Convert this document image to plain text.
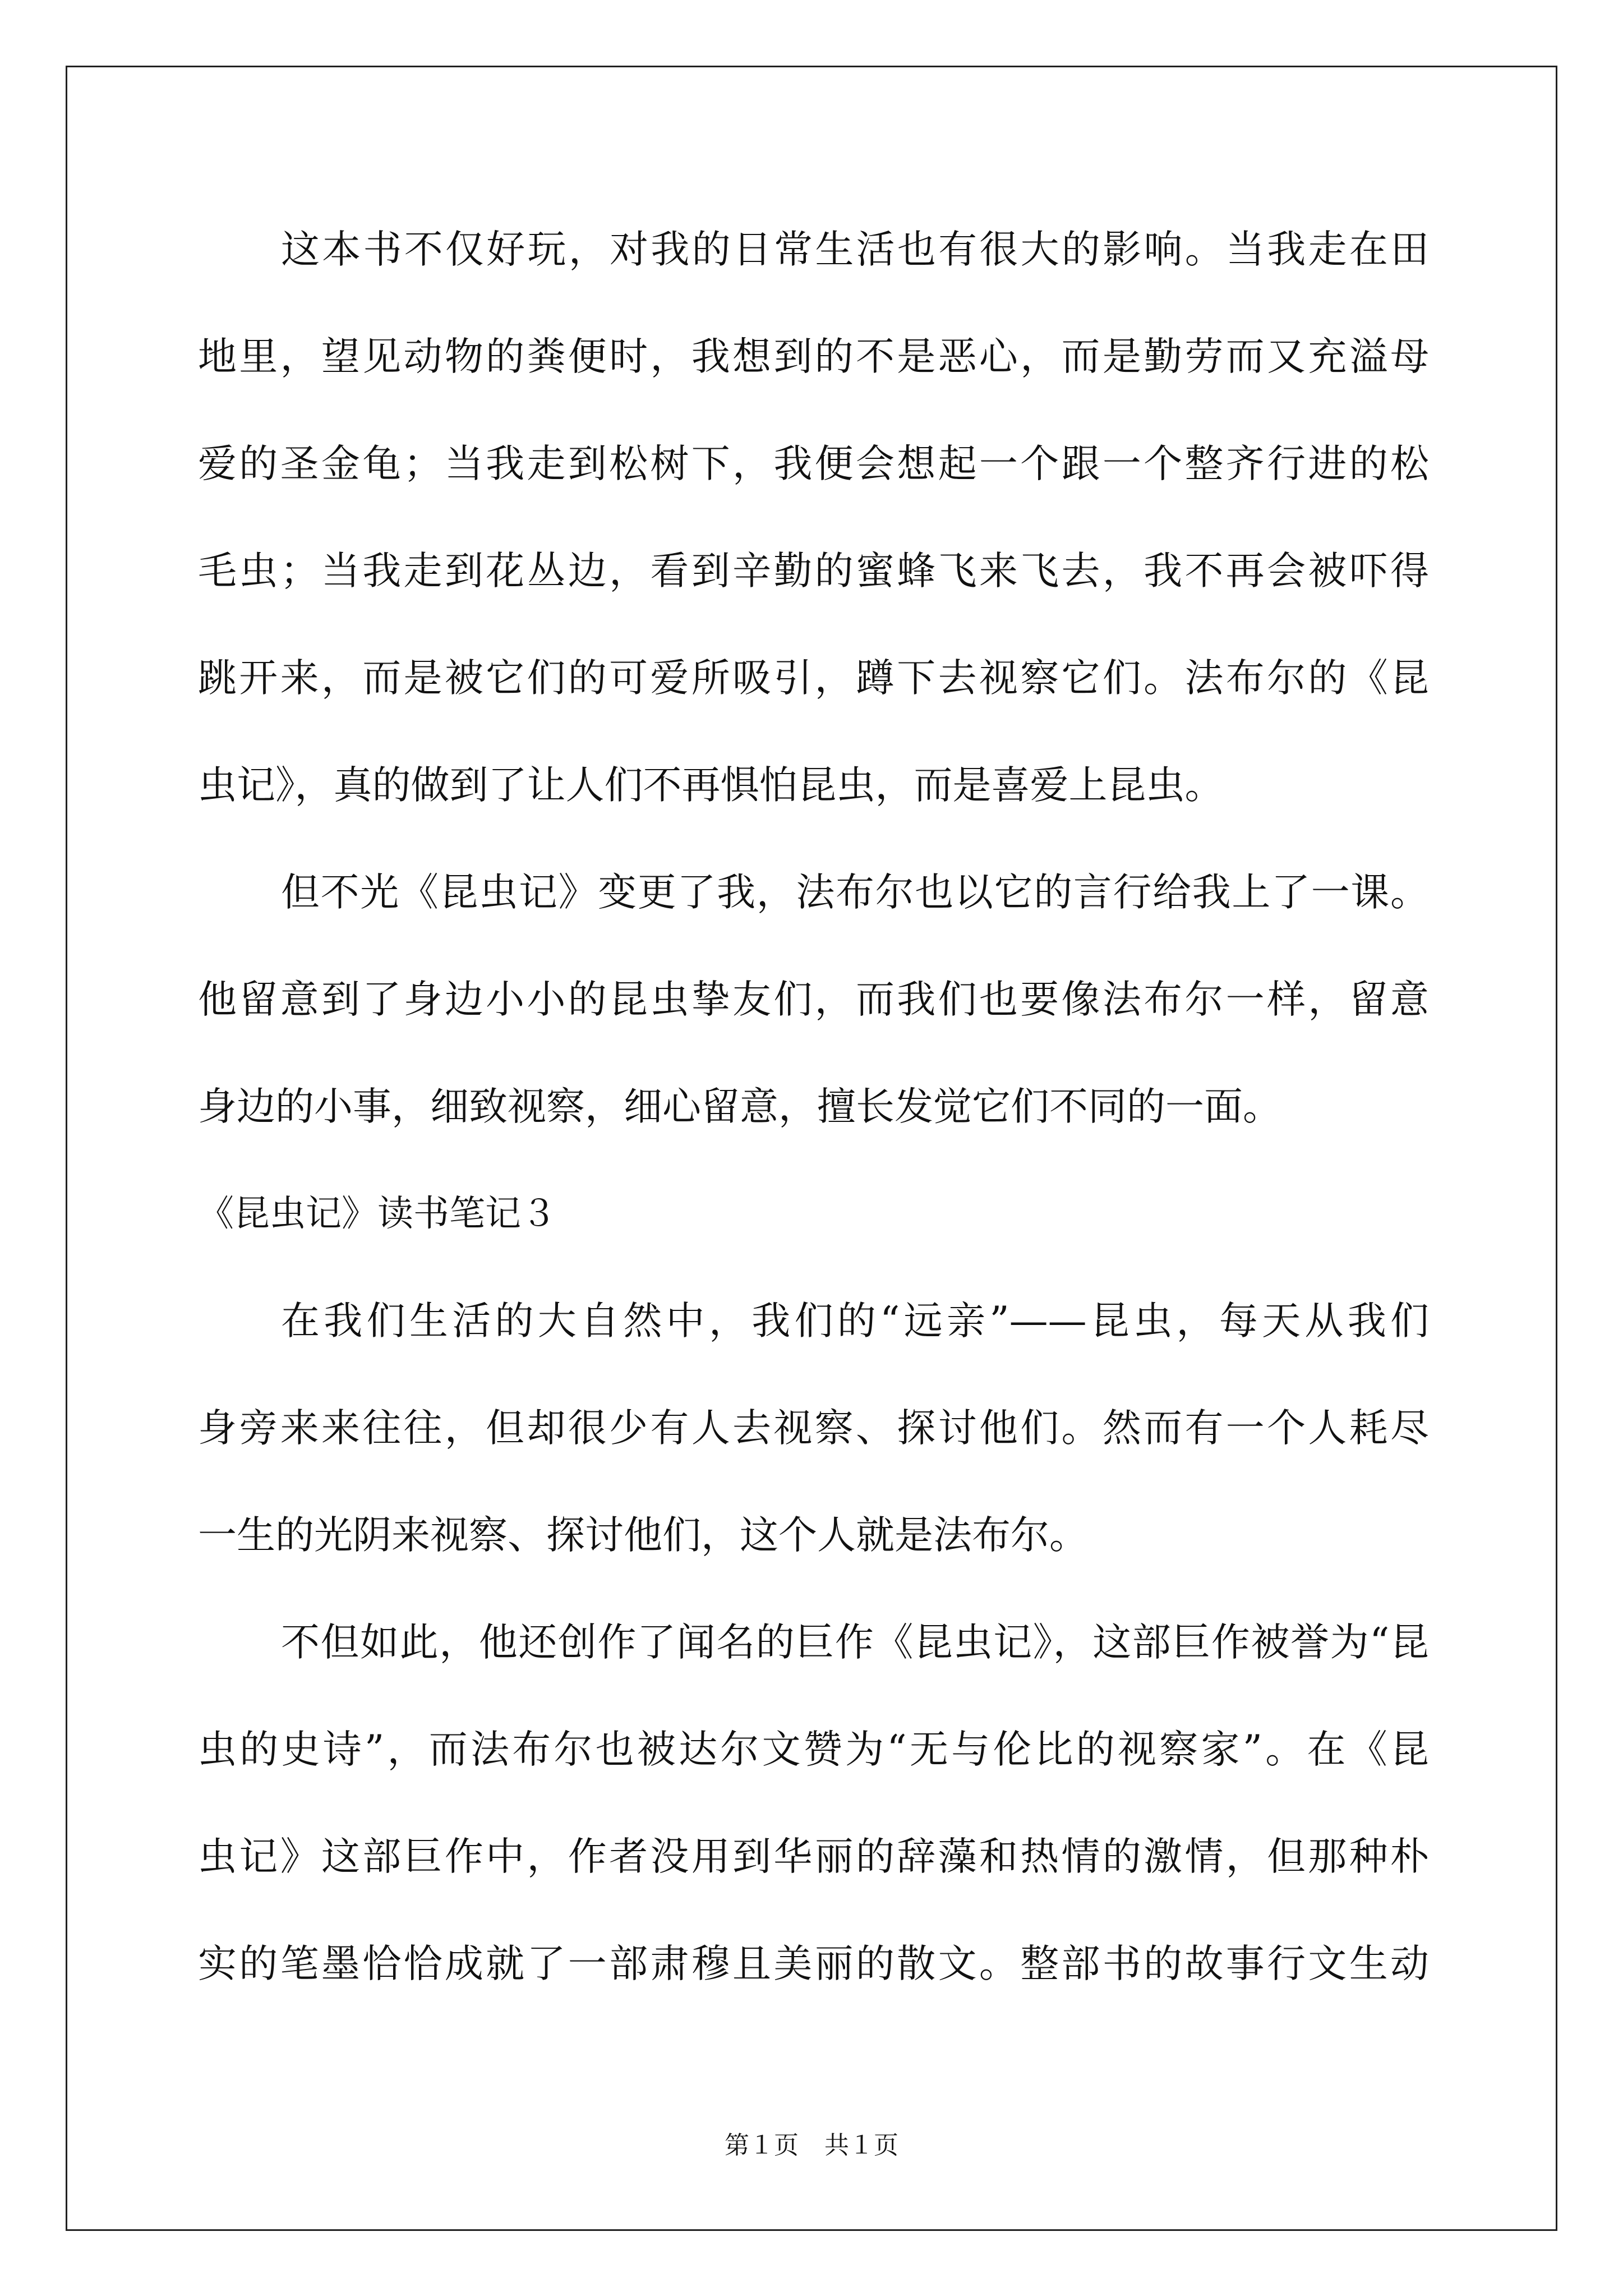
这本书不仅好玩，对我的日常生活也有很大的影响。当我走在田
地里，望见动物的粪便时，我想到的不是恶心，而是勤劳而又充溢母
爱的圣金龟；当我走到松树下，我便会想起一个跟一个整齐行进的松
毛虫；当我走到花丛边，看到辛勤的蜜蜂飞来飞去，我不再会被吓得
跳开来，而是被它们的可爱所吸引，蹲下去视察它们。法布尔的《昆
虫记》，真的做到了让人们不再惧怕昆虫，而是喜爱上昆虫。
但不光《昆虫记》变更了我，法布尔也以它的言行给我上了一课。
他留意到了身边小小的昆虫挚友们，而我们也要像法布尔一样，留意
身边的小事，细致视察，细心留意，擅长发觉它们不同的一面。
《昆虫记》读书笔记３
在我们生活的大自然中，我们的“远亲”——昆虫，每天从我们
身旁来来往往，但却很少有人去视察、探讨他们。然而有一个人耗尽
一生的光阴来视察、探讨他们，这个人就是法布尔。
不但如此，他还创作了闻名的巨作《昆虫记》，这部巨作被誉为“昆
虫的史诗”，而法布尔也被达尔文赞为“无与伦比的视察家”。在《昆
虫记》这部巨作中，作者没用到华丽的辞藻和热情的激情，但那种朴
实的笔墨恰恰成就了一部肃穆且美丽的散文。整部书的故事行文生动
第１页 共１页
